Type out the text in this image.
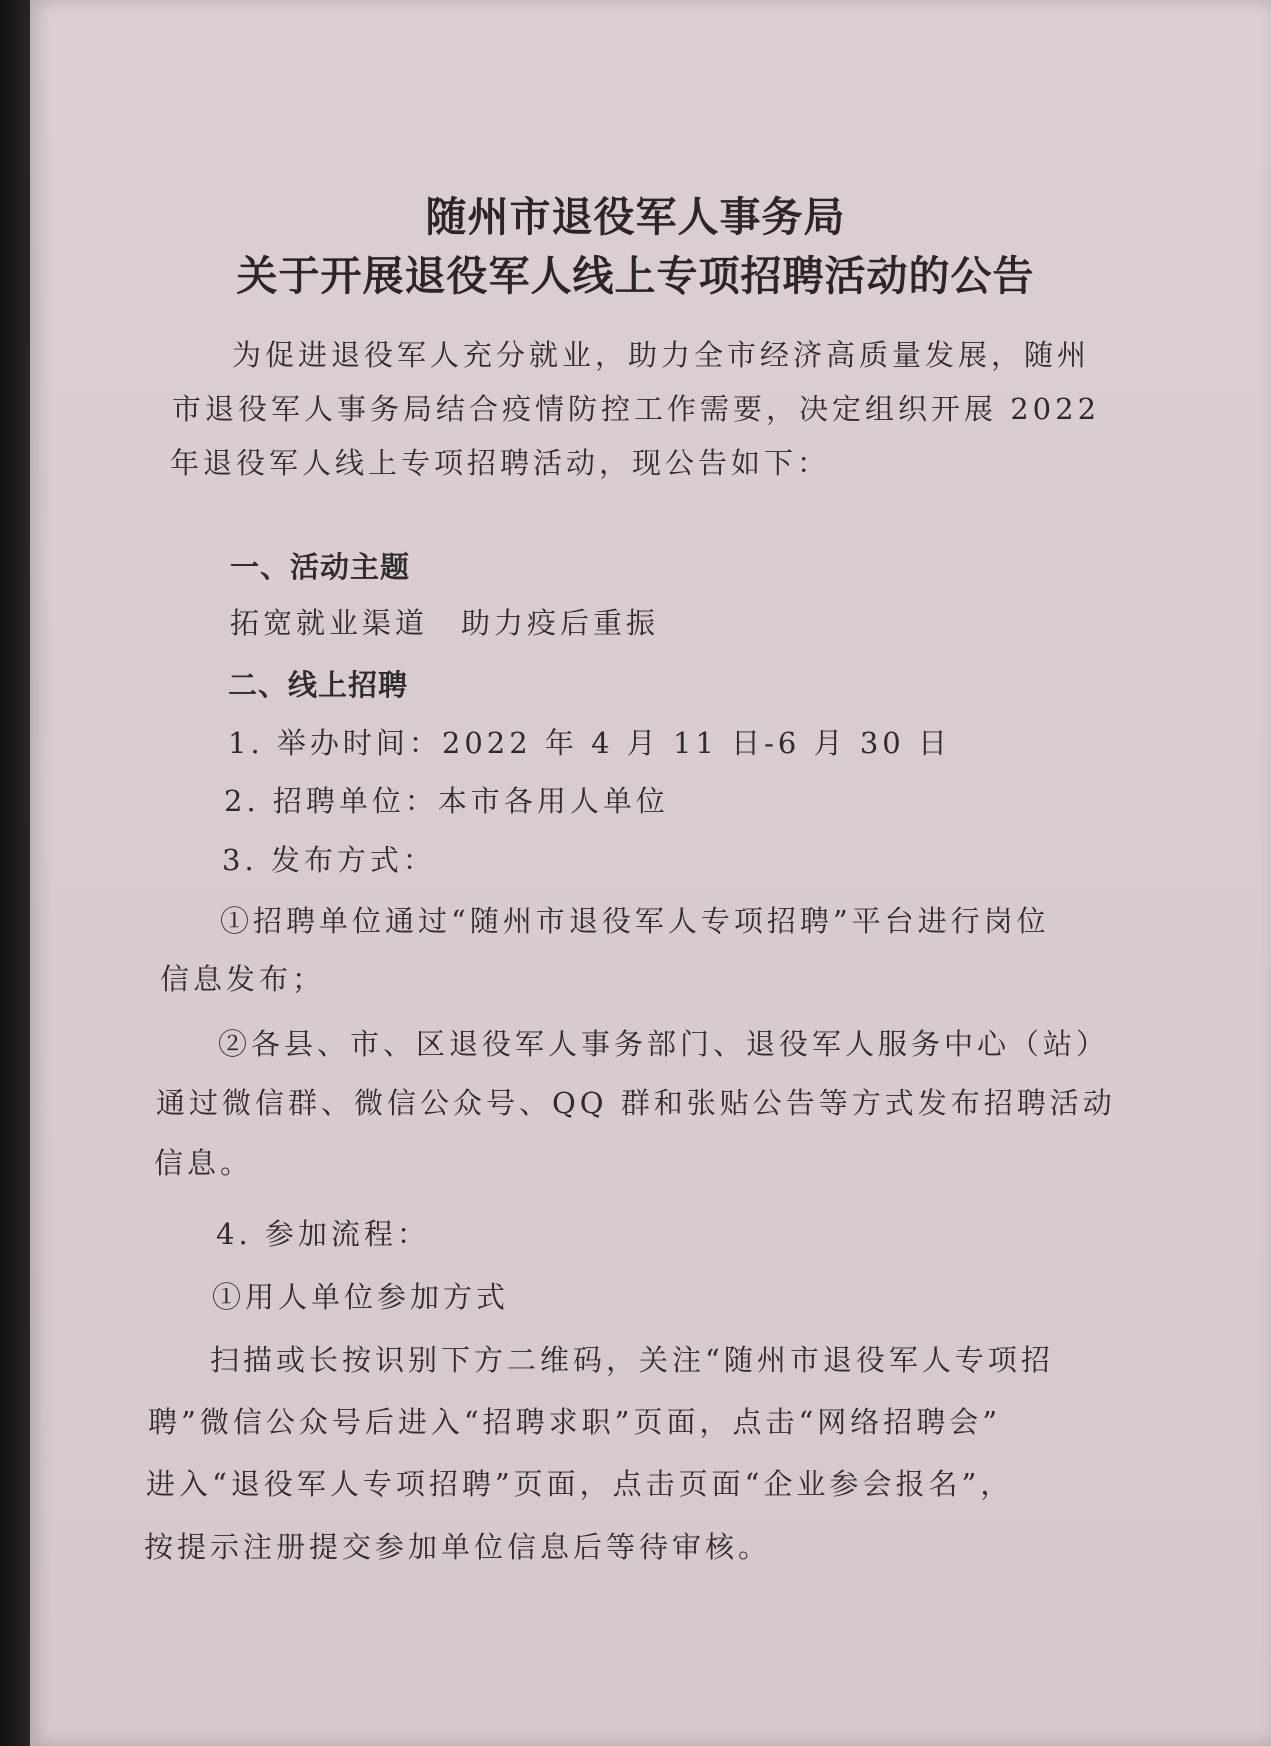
随州市退役军人事务局
关于开展退役军人线上专项招聘活动的公告
为促进退役军人充分就业，助力全市经济高质量发展，随州
市退役军人事务局结合疫情防控工作需要，决定组织开展 2022
年退役军人线上专项招聘活动，现公告如下：
一、活动主题
拓宽就业渠道　助力疫后重振
二、线上招聘
1. 举办时间：2022 年 4 月 11 日-6 月 30 日
2. 招聘单位：本市各用人单位
3. 发布方式：
①招聘单位通过“随州市退役军人专项招聘”平台进行岗位
信息发布；
②各县、市、区退役军人事务部门、退役军人服务中心（站）
通过微信群、微信公众号、QQ 群和张贴公告等方式发布招聘活动
信息。
4. 参加流程：
①用人单位参加方式
扫描或长按识别下方二维码，关注“随州市退役军人专项招
聘”微信公众号后进入“招聘求职”页面，点击“网络招聘会”
进入“退役军人专项招聘”页面，点击页面“企业参会报名”，
按提示注册提交参加单位信息后等待审核。
